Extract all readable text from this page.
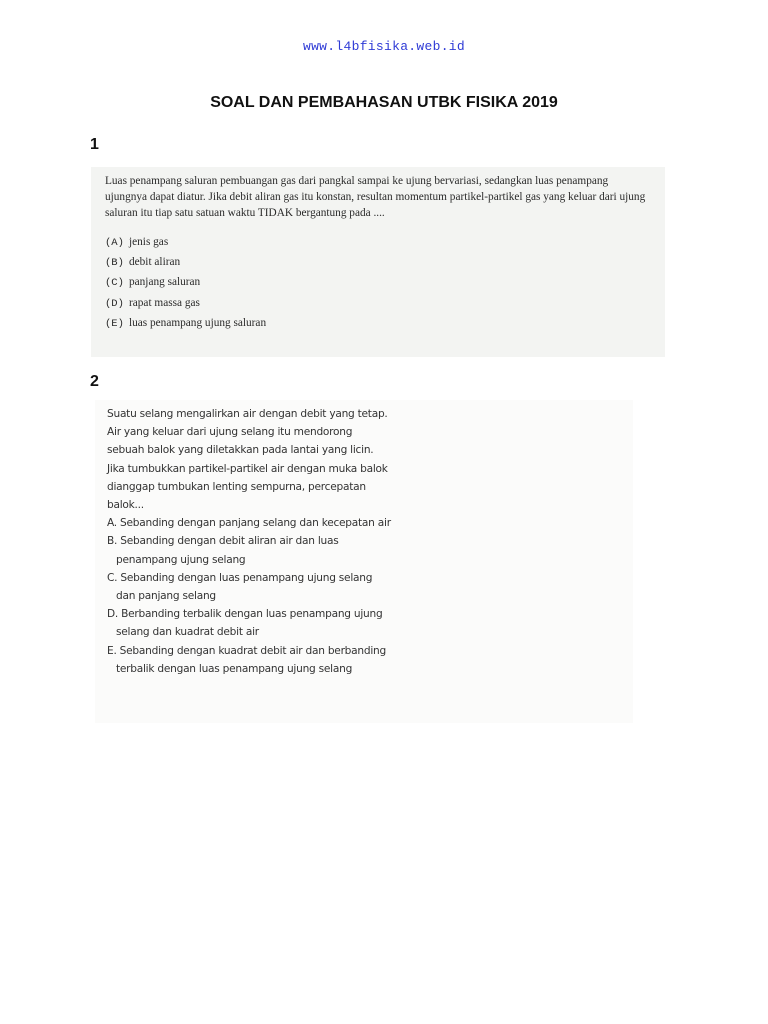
www.l4bfisika.web.id
SOAL DAN PEMBAHASAN UTBK FISIKA 2019
1

Luas penampang saluran pembuangan gas dari pangkal sampai ke ujung bervariasi, sedangkan luas penampang ujungnya dapat diatur. Jika debit aliran gas itu konstan, resultan momentum partikel-partikel gas yang keluar dari ujung saluran itu tiap satu satuan waktu TIDAK bergantung pada ....

(A) jenis gas
(B) debit aliran
(C) panjang saluran
(D) rapat massa gas
(E) luas penampang ujung saluran
2

Suatu selang mengalirkan air dengan debit yang tetap. Air yang keluar dari ujung selang itu mendorong sebuah balok yang diletakkan pada lantai yang licin. Jika tumbukkan partikel-partikel air dengan muka balok dianggap tumbukan lenting sempurna, percepatan balok...

A. Sebanding dengan panjang selang dan kecepatan air
B. Sebanding dengan debit aliran air dan luas penampang ujung selang
C. Sebanding dengan luas penampang ujung selang dan panjang selang
D. Berbanding terbalik dengan luas penampang ujung selang dan kuadrat debit air
E. Sebanding dengan kuadrat debit air dan berbanding terbalik dengan luas penampang ujung selang
